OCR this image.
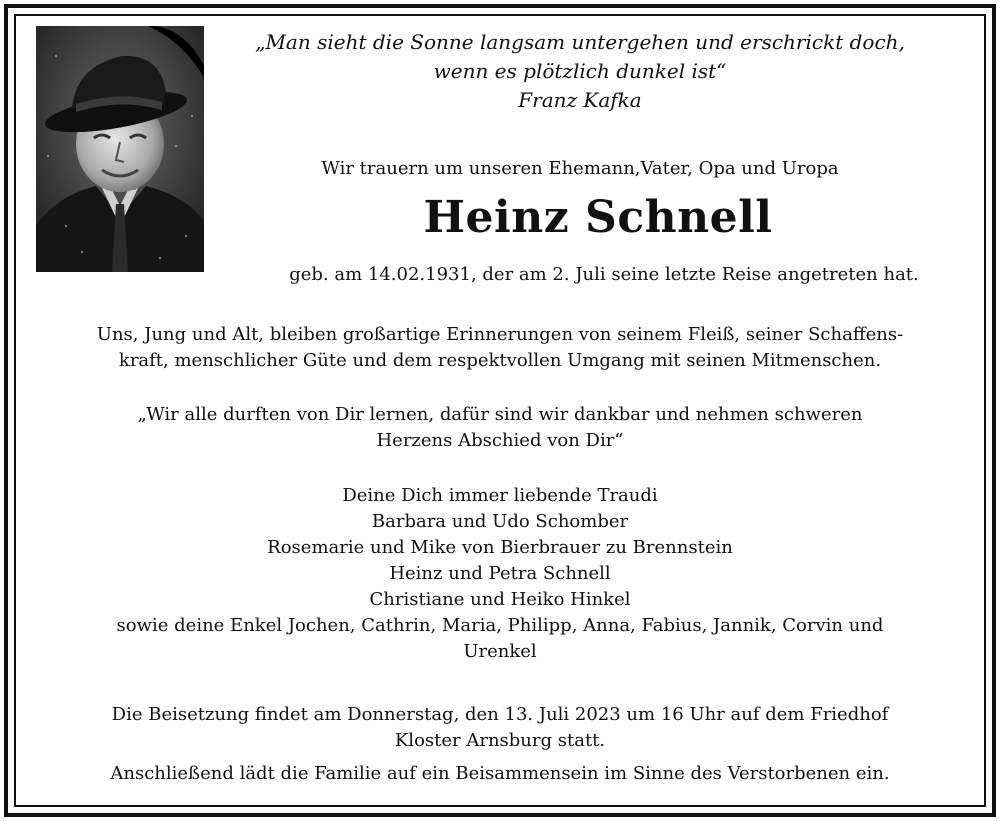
„Man sieht die Sonne langsam untergehen und erschrickt doch,
wenn es plötzlich dunkel ist“
Franz Kafka
Wir trauern um unseren Ehemann,Vater, Opa und Uropa
Heinz Schnell
geb. am 14.02.1931, der am 2. Juli seine letzte Reise angetreten hat.
Uns, Jung und Alt, bleiben großartige Erinnerungen von seinem Fleiß, seiner Schaffens-
kraft, menschlicher Güte und dem respektvollen Umgang mit seinen Mitmenschen.
„Wir alle durften von Dir lernen, dafür sind wir dankbar und nehmen schweren
Herzens Abschied von Dir“
Deine Dich immer liebende Traudi
Barbara und Udo Schomber
Rosemarie und Mike von Bierbrauer zu Brennstein
Heinz und Petra Schnell
Christiane und Heiko Hinkel
sowie deine Enkel Jochen, Cathrin, Maria, Philipp, Anna, Fabius, Jannik, Corvin und
Urenkel
Die Beisetzung findet am Donnerstag, den 13. Juli 2023 um 16 Uhr auf dem Friedhof
Kloster Arnsburg statt.
Anschließend lädt die Familie auf ein Beisammensein im Sinne des Verstorbenen ein.
